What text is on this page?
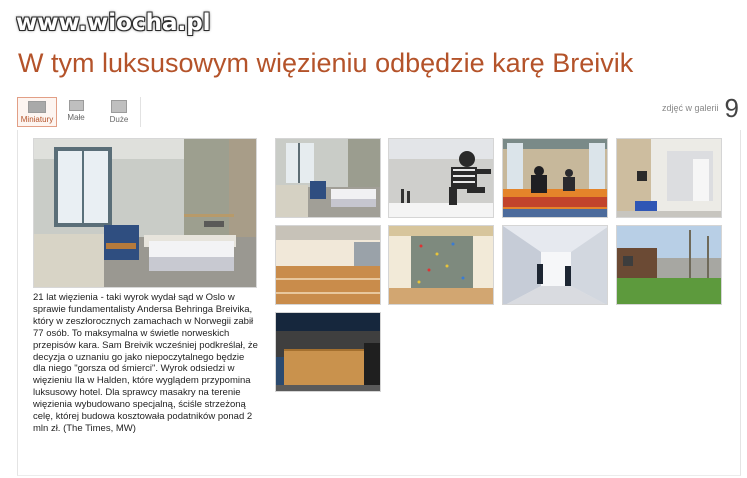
www.wiocha.pl
W tym luksusowym więzieniu odbędzie karę Breivik
Miniatury	Małe	Duże
$^{zdjęć w galerii}$ 9

21 lat więzienia - taki wyrok wydał sąd w Oslo w sprawie fundamentalisty Andersa Behringa Breivika, który w zeszłorocznych zamachach w Norwegii zabił 77 osób. To maksymalna w świetle norweskich przepisów kara. Sam Breivik wcześniej podkreślał, że decyzja o uznaniu go jako niepoczytalnego będzie dla niego "gorsza od śmierci". Wyrok odsiedzi w więzieniu Ila w Halden, które wyglądem przypomina luksusowy hotel. Dla sprawcy masakry na terenie więzienia wybudowano specjalną, ściśle strzeżoną celę, której budowa kosztowała podatników ponad 2 mln zł. (The Times, MW)
